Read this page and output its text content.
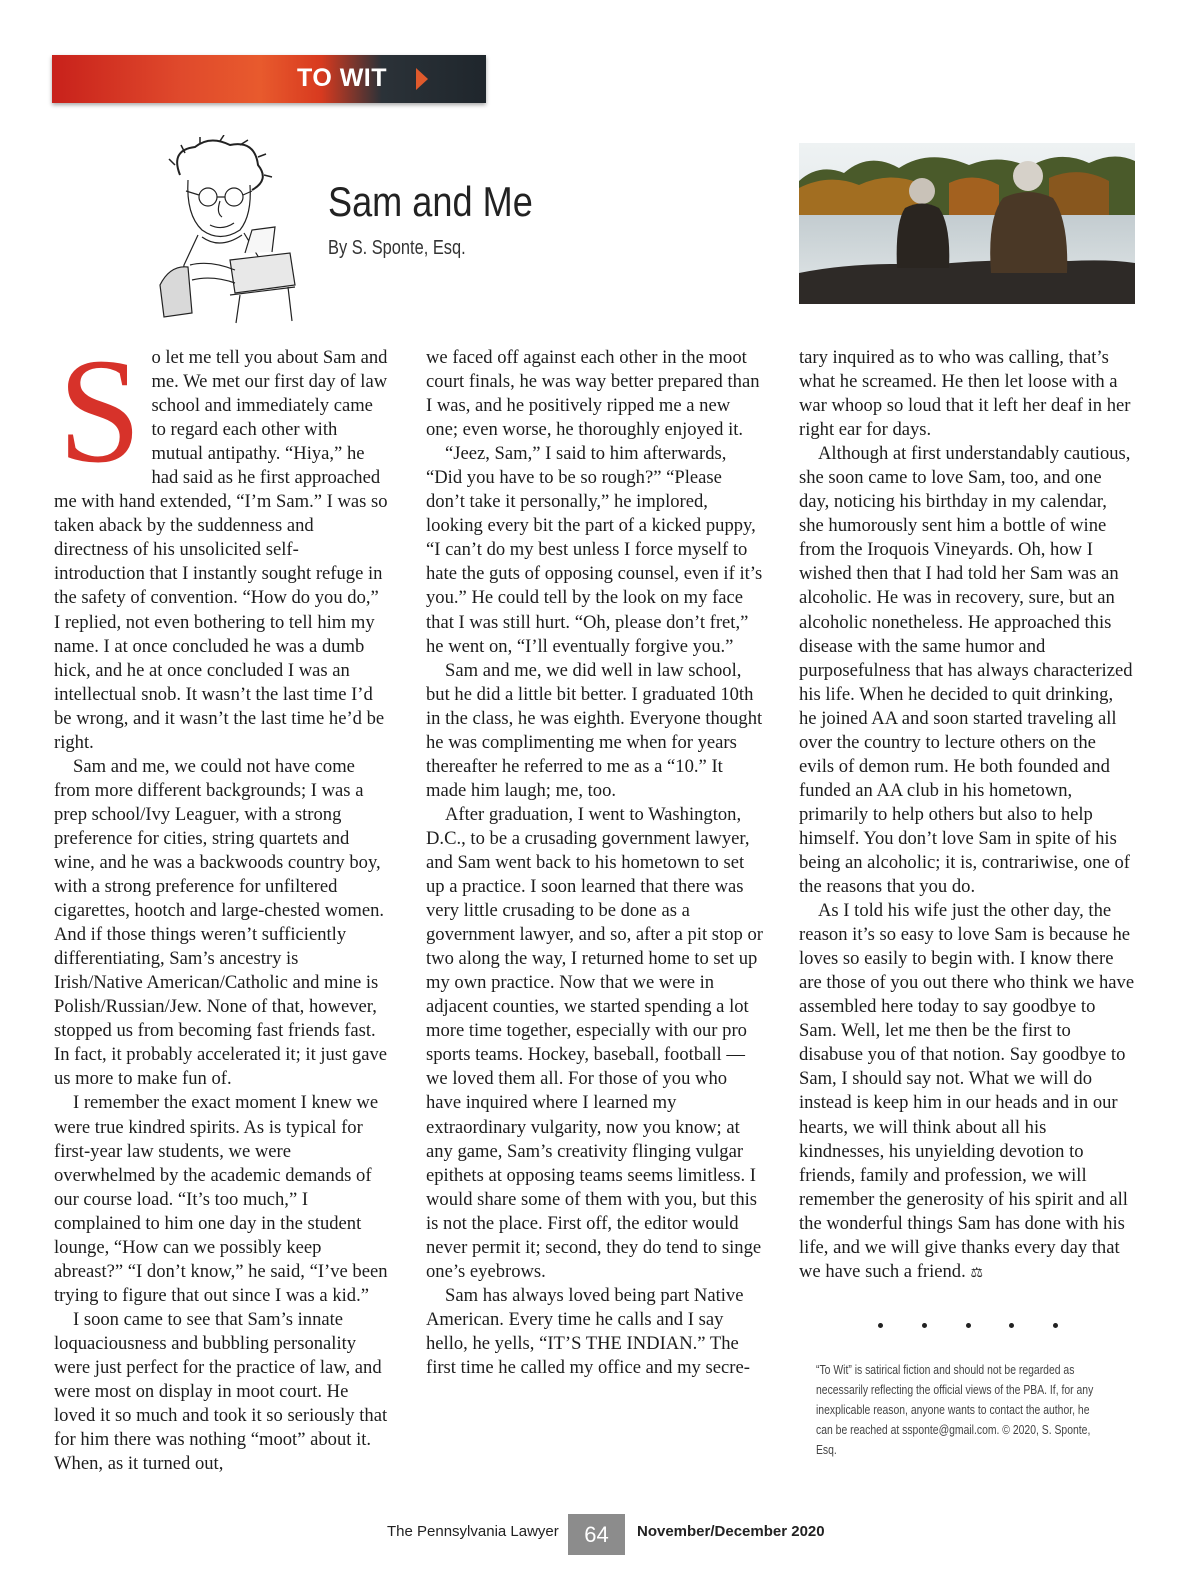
TO WIT
Sam and Me
By S. Sponte, Esq.

So let me tell you about Sam and me. We met our first day of law school and immediately came to regard each other with mutual antipathy. “Hiya,” he had said as he first approached me with hand extended, “I’m Sam.” I was so taken aback by the suddenness and directness of his unsolicited self-introduction that I instantly sought refuge in the safety of convention. “How do you do,” I replied, not even bothering to tell him my name. I at once concluded he was a dumb hick, and he at once concluded I was an intellectual snob. It wasn’t the last time I’d be wrong, and it wasn’t the last time he’d be right.

Sam and me, we could not have come from more different backgrounds; I was a prep school/Ivy Leaguer, with a strong preference for cities, string quartets and wine, and he was a backwoods country boy, with a strong preference for unfiltered cigarettes, hootch and large-chested women. And if those things weren’t sufficiently differentiating, Sam’s ancestry is Irish/Native American/Catholic and mine is Polish/Russian/Jew. None of that, however, stopped us from becoming fast friends fast. In fact, it probably accelerated it; it just gave us more to make fun of.

I remember the exact moment I knew we were true kindred spirits. As is typical for first-year law students, we were overwhelmed by the academic demands of our course load. “It’s too much,” I complained to him one day in the student lounge, “How can we possibly keep abreast?” “I don’t know,” he said, “I’ve been trying to figure that out since I was a kid.”

I soon came to see that Sam’s innate loquaciousness and bubbling personality were just perfect for the practice of law, and were most on display in moot court. He loved it so much and took it so seriously that for him there was nothing “moot” about it. When, as it turned out,

we faced off against each other in the moot court finals, he was way better prepared than I was, and he positively ripped me a new one; even worse, he thoroughly enjoyed it.

“Jeez, Sam,” I said to him afterwards, “Did you have to be so rough?” “Please don’t take it personally,” he implored, looking every bit the part of a kicked puppy, “I can’t do my best unless I force myself to hate the guts of opposing counsel, even if it’s you.” He could tell by the look on my face that I was still hurt. “Oh, please don’t fret,” he went on, “I’ll eventually forgive you.”

Sam and me, we did well in law school, but he did a little bit better. I graduated 10th in the class, he was eighth. Everyone thought he was complimenting me when for years thereafter he referred to me as a “10.” It made him laugh; me, too.

After graduation, I went to Washington, D.C., to be a crusading government lawyer, and Sam went back to his hometown to set up a practice. I soon learned that there was very little crusading to be done as a government lawyer, and so, after a pit stop or two along the way, I returned home to set up my own practice. Now that we were in adjacent counties, we started spending a lot more time together, especially with our pro sports teams. Hockey, baseball, football — we loved them all. For those of you who have inquired where I learned my extraordinary vulgarity, now you know; at any game, Sam’s creativity flinging vulgar epithets at opposing teams seems limitless. I would share some of them with you, but this is not the place. First off, the editor would never permit it; second, they do tend to singe one’s eyebrows.

Sam has always loved being part Native American. Every time he calls and I say hello, he yells, “IT’S THE INDIAN.” The first time he called my office and my secre-

tary inquired as to who was calling, that’s what he screamed. He then let loose with a war whoop so loud that it left her deaf in her right ear for days.

Although at first understandably cautious, she soon came to love Sam, too, and one day, noticing his birthday in my calendar, she humorously sent him a bottle of wine from the Iroquois Vineyards. Oh, how I wished then that I had told her Sam was an alcoholic. He was in recovery, sure, but an alcoholic nonetheless. He approached this disease with the same humor and purposefulness that has always characterized his life. When he decided to quit drinking, he joined AA and soon started traveling all over the country to lecture others on the evils of demon rum. He both founded and funded an AA club in his hometown, primarily to help others but also to help himself. You don’t love Sam in spite of his being an alcoholic; it is, contrariwise, one of the reasons that you do.

As I told his wife just the other day, the reason it’s so easy to love Sam is because he loves so easily to begin with. I know there are those of you out there who think we have assembled here today to say goodbye to Sam. Well, let me then be the first to disabuse you of that notion. Say goodbye to Sam, I should say not. What we will do instead is keep him in our heads and in our hearts, we will think about all his kindnesses, his unyielding devotion to friends, family and profession, we will remember the generosity of his spirit and all the wonderful things Sam has done with his life, and we will give thanks every day that we have such a friend. ⚖

“To Wit” is satirical fiction and should not be regarded as necessarily reflecting the official views of the PBA. If, for any inexplicable reason, anyone wants to contact the author, he can be reached at ssponte@gmail.com. © 2020, S. Sponte, Esq.
The Pennsylvania Lawyer	64	November/December 2020
